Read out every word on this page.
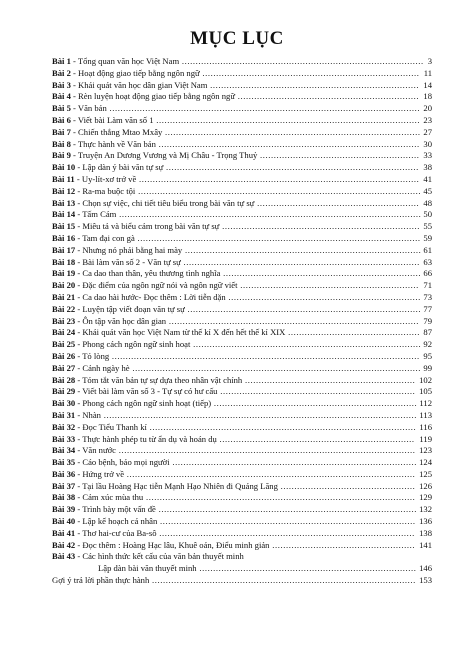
MỤC LỤC
Bài 1 - Tổng quan văn học Việt Nam ........................................................................................ 3
Bài 2 - Hoạt động giao tiếp bằng ngôn ngữ ............................................................................... 11
Bài 3 - Khái quát văn học dân gian Việt Nam ............................................................................ 14
Bài 4 - Rèn luyện hoạt động giao tiếp bằng ngôn ngữ .................................................................. 18
Bài 5 - Văn bản ................................................................................................................. 20
Bài 6 - Viết bài Làm văn số 1 ................................................................................................ 23
Bài 7 - Chiến thắng Mtao Mxây ............................................................................................. 27
Bài 8 - Thực hành về Văn bản ............................................................................................... 30
Bài 9 - Truyện An Dương Vương và Mị Châu - Trọng Thuỷ .......................................................... 33
Bài 10 - Lập dàn ý bài văn tự sự ............................................................................................ 38
Bài 11 - Uy-lít-xơ trở về ...................................................................................................... 41
Bài 12 - Ra-ma buộc tội ....................................................................................................... 45
Bài 13 - Chọn sự việc, chi tiết tiêu biểu trong bài văn tự sự ........................................................... 48
Bài 14 - Tấm Cám .............................................................................................................. 50
Bài 15 - Miêu tả và biểu cảm trong bài văn tự sự ........................................................................ 55
Bài 16 - Tam đại con gà ....................................................................................................... 59
Bài 17 - Nhưng nó phải bằng hai mày ...................................................................................... 61
Bài 18 - Bài làm văn số 2 - Văn tự sự ...................................................................................... 63
Bài 19 - Ca dao than thân, yêu thương tình nghĩa ........................................................................ 66
Bài 20 - Đặc điểm của ngôn ngữ nói và ngôn ngữ viết ................................................................. 71
Bài 21 - Ca dao hài hước- Đọc thêm : Lời tiễn dặn ...................................................................... 73
Bài 22 - Luyện tập viết đoạn văn tự sự ..................................................................................... 77
Bài 23 - Ôn tập văn học dân gian ........................................................................................... 79
Bài 24 - Khái quát văn học Việt Nam từ thế kỉ X đến hết thế kỉ XIX ................................................ 87
Bài 25 - Phong cách ngôn ngữ sinh hoạt ................................................................................... 92
Bài 26 - Tỏ lòng ................................................................................................................ 95
Bài 27 - Cảnh ngày hè ......................................................................................................... 99
Bài 28 - Tóm tắt văn bản tự sự dựa theo nhân vật chính .............................................................. 102
Bài 29 - Viết bài làm văn số 3 - Tự sự có hư cấu ....................................................................... 105
Bài 30 - Phong cách ngôn ngữ sinh hoạt (tiếp) .......................................................................... 112
Bài 31 - Nhàn .................................................................................................................. 113
Bài 32 - Đọc Tiểu Thanh kí ................................................................................................. 116
Bài 33 - Thực hành phép tu từ ẩn dụ và hoán dụ ....................................................................... 119
Bài 34 - Văn nước ............................................................................................................ 123
Bài 35 - Cáo bệnh, bảo mọi người ......................................................................................... 124
Bài 36 - Hứng trở về ......................................................................................................... 125
Bài 37 - Tại lầu Hoàng Hạc tiễn Mạnh Hạo Nhiên đi Quảng Lăng ................................................. 126
Bài 38 - Cảm xúc mùa thu .................................................................................................. 129
Bài 39 - Trình bày một vấn đề .............................................................................................. 132
Bài 40 - Lập kế hoạch cá nhân ............................................................................................. 136
Bài 41 - Thơ hai-cư của Ba-sô ............................................................................................. 138
Bài 42 - Đọc thêm : Hoàng Hạc lâu, Khuê oán, Điểu minh giản .................................................... 141
Bài 43 - Các hình thức kết cấu của văn bản thuyết minh
Lập dàn bài văn thuyết minh ............................................................................... 146
Gợi ý trả lời phần thực hành ................................................................................................ 153
